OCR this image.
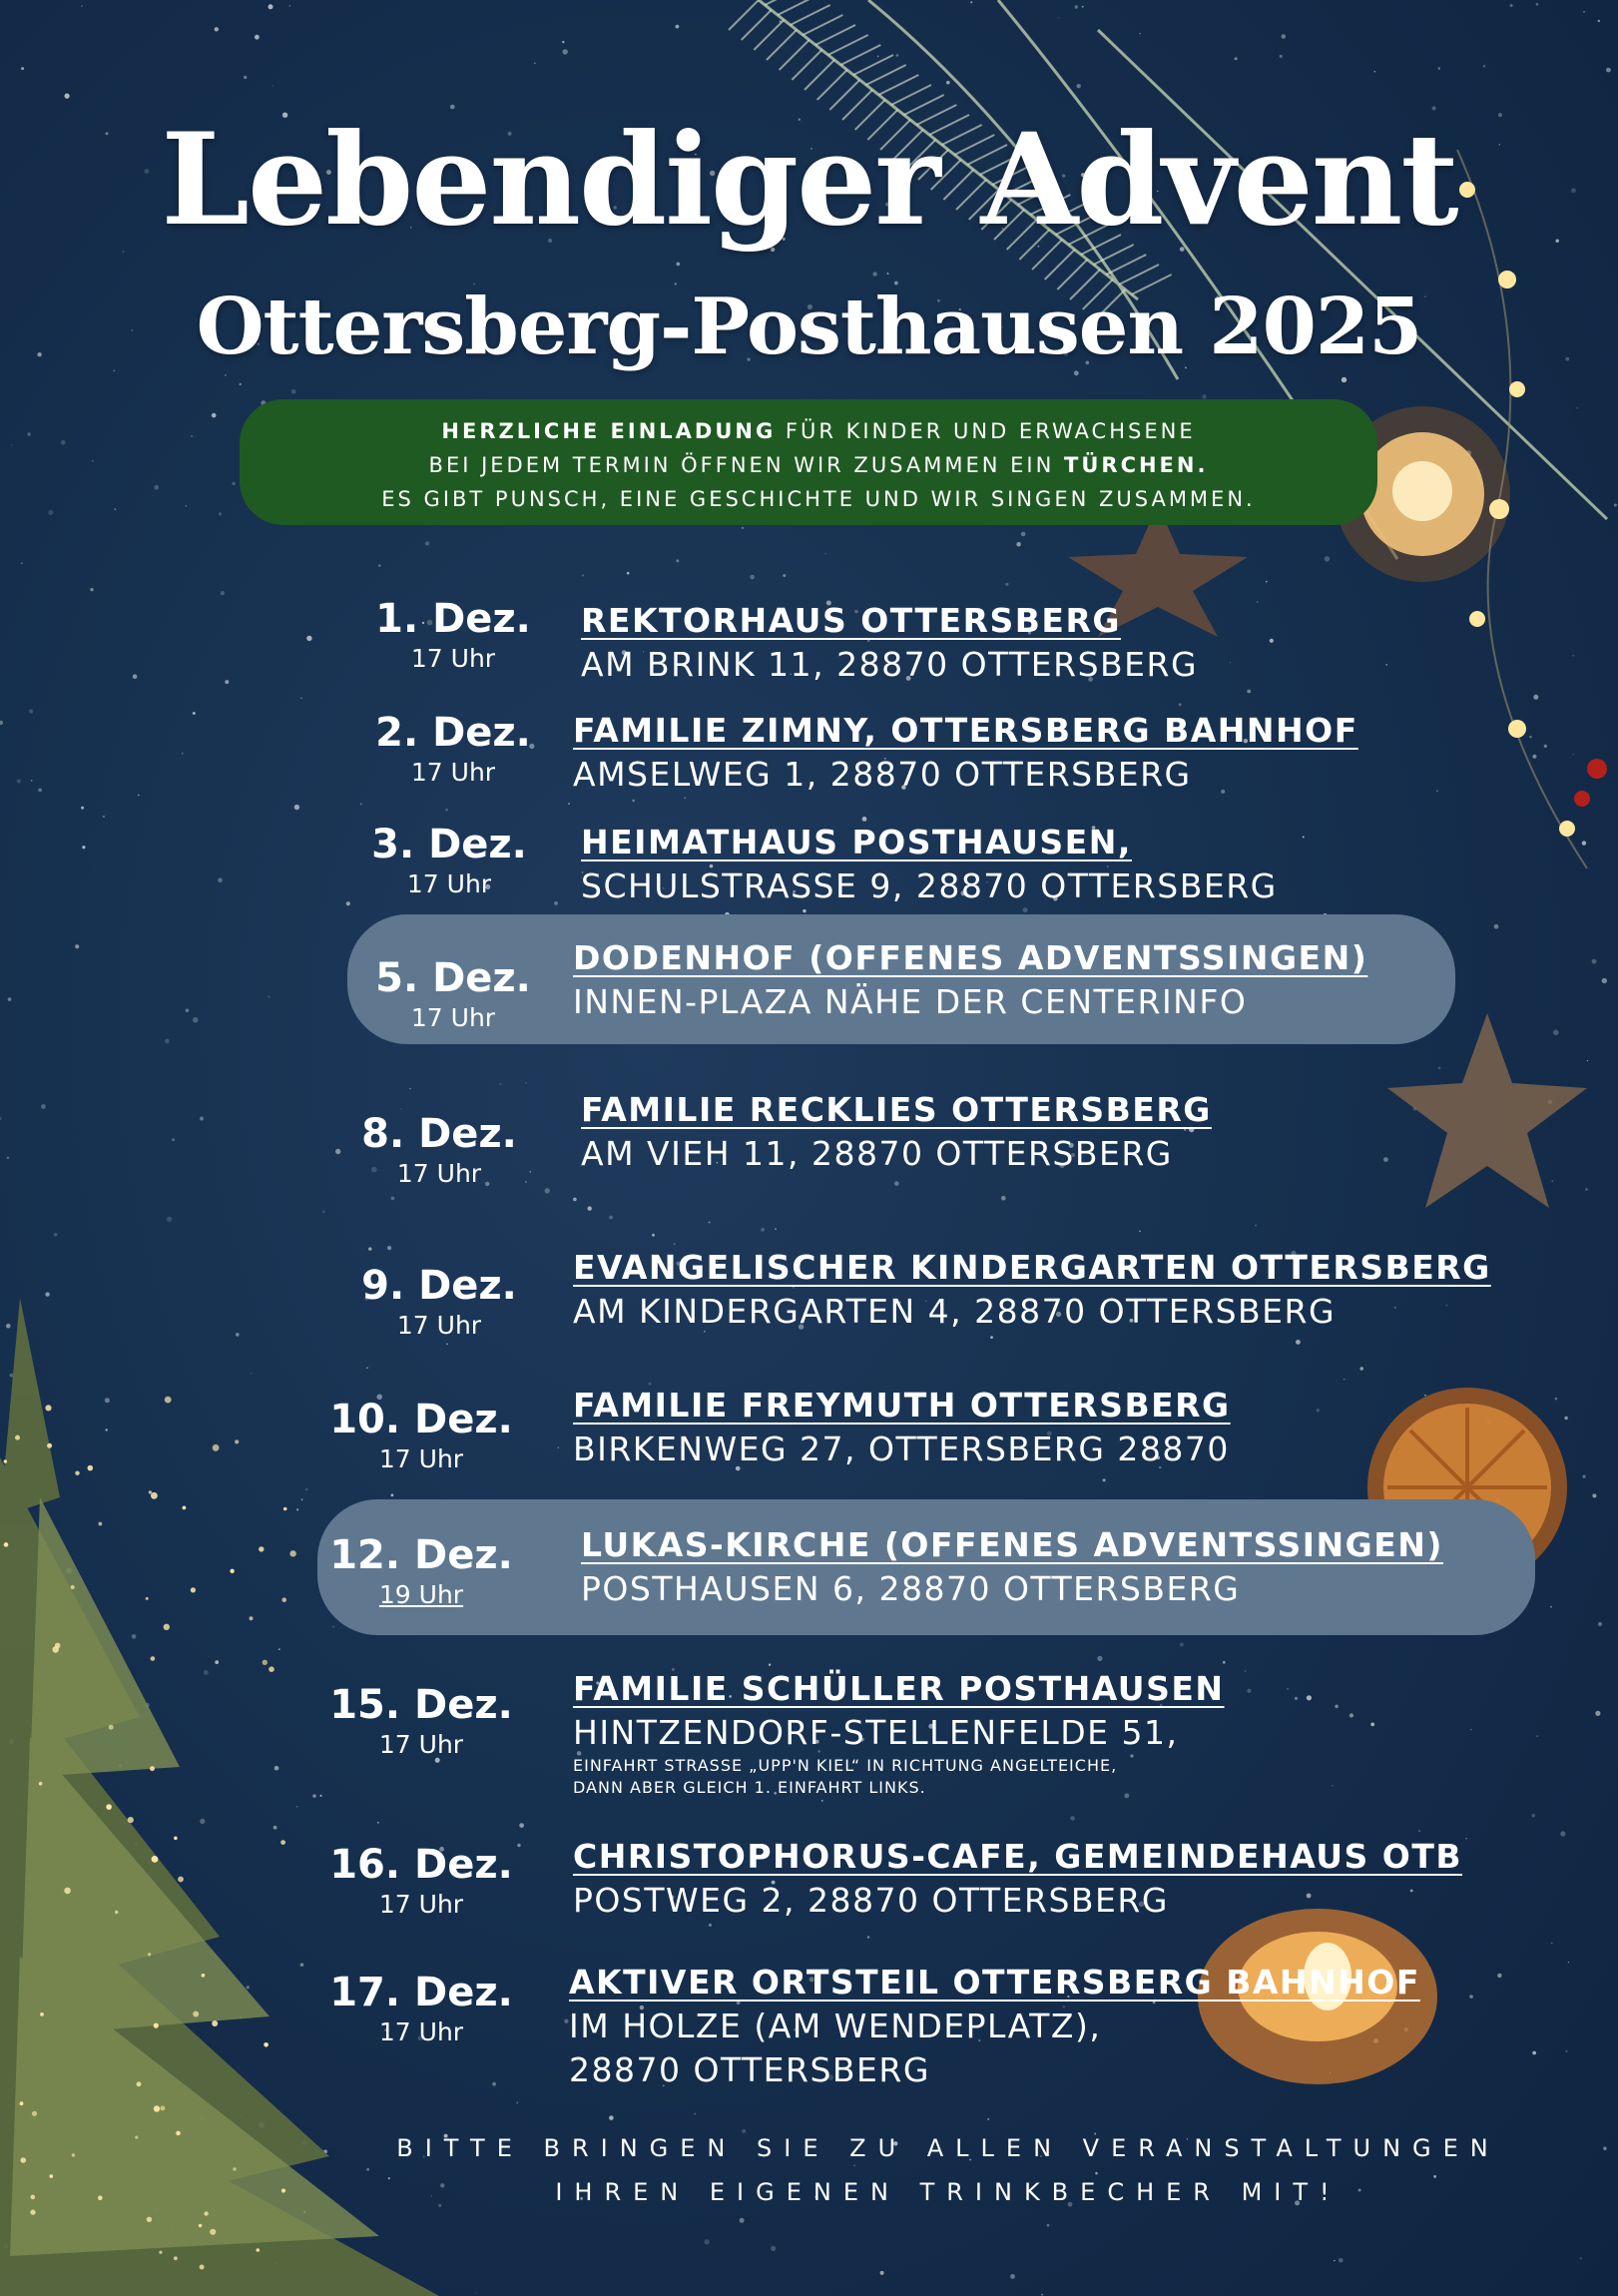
Lebendiger Advent
Ottersberg-Posthausen 2025
HERZLICHE EINLADUNG FÜR KINDER UND ERWACHSENE
BEI JEDEM TERMIN ÖFFNEN WIR ZUSAMMEN EIN TÜRCHEN.
ES GIBT PUNSCH, EINE GESCHICHTE UND WIR SINGEN ZUSAMMEN.
1. Dez.
17 Uhr
REKTORHAUS OTTERSBERG
AM BRINK 11, 28870 OTTERSBERG
2. Dez.
17 Uhr
FAMILIE ZIMNY, OTTERSBERG BAHNHOF
AMSELWEG 1, 28870 OTTERSBERG
3. Dez.
17 Uhr
HEIMATHAUS POSTHAUSEN,
SCHULSTRASSE 9, 28870 OTTERSBERG
5. Dez.
17 Uhr
DODENHOF (OFFENES ADVENTSSINGEN)
INNEN-PLAZA NÄHE DER CENTERINFO
8. Dez.
17 Uhr
FAMILIE RECKLIES OTTERSBERG
AM VIEH 11, 28870 OTTERSBERG
9. Dez.
17 Uhr
EVANGELISCHER KINDERGARTEN OTTERSBERG
AM KINDERGARTEN 4, 28870 OTTERSBERG
10. Dez.
17 Uhr
FAMILIE FREYMUTH OTTERSBERG
BIRKENWEG 27, OTTERSBERG 28870
12. Dez.
19 Uhr
LUKAS-KIRCHE (OFFENES ADVENTSSINGEN)
POSTHAUSEN 6, 28870 OTTERSBERG
15. Dez.
17 Uhr
FAMILIE SCHÜLLER POSTHAUSEN
HINTZENDORF-STELLENFELDE 51,
EINFAHRT STRASSE „UPP'N KIEL“ IN RICHTUNG ANGELTEICHE,
DANN ABER GLEICH 1. EINFAHRT LINKS.
16. Dez.
17 Uhr
CHRISTOPHORUS-CAFE, GEMEINDEHAUS OTB
POSTWEG 2, 28870 OTTERSBERG
17. Dez.
17 Uhr
AKTIVER ORTSTEIL OTTERSBERG BAHNHOF
IM HOLZE (AM WENDEPLATZ),
28870 OTTERSBERG
BITTE BRINGEN SIE ZU ALLEN VERANSTALTUNGEN
IHREN EIGENEN TRINKBECHER MIT!
